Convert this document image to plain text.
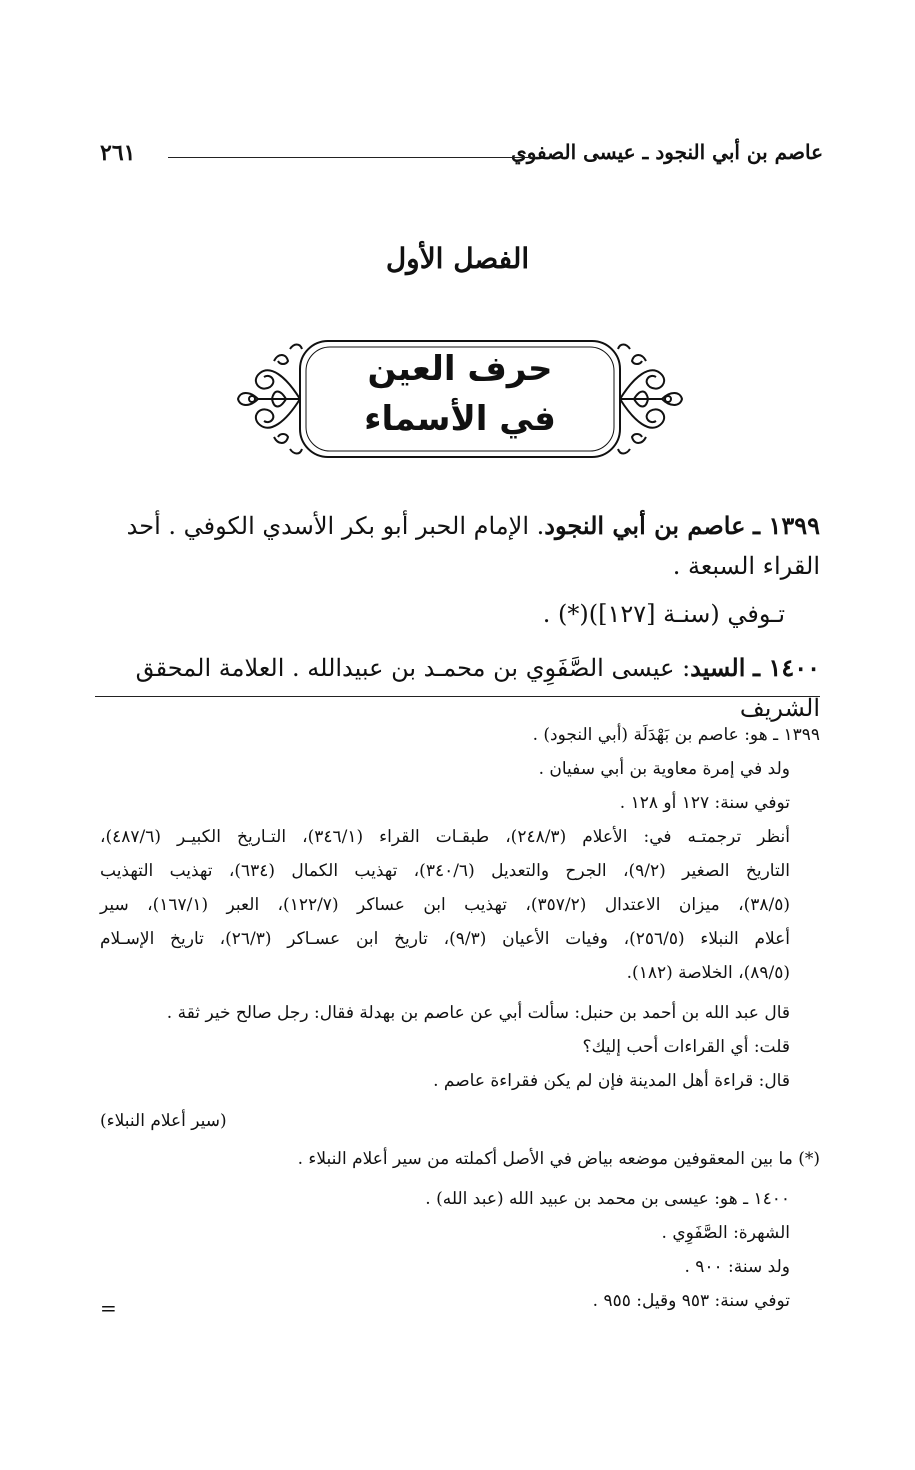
عاصم بن أبي النجود ـ عيسى الصفوي
٢٦١
الفصل الأول
حرف العين
في الأسماء
١٣٩٩ ـ عاصم بن أبي النجود. الإمام الحبر أبو بكر الأسدي الكوفي . أحد القراء السبعة .
تـوفي (سنـة [١٢٧])(*) .
١٤٠٠ ـ السيد: عيسى الصَّفَوِي بن محمـد بن عبيدالله . العلامة المحقق الشريف
١٣٩٩ ـ هو: عاصم بن بَهْدَلَة (أبي النجود) .
ولد في إمرة معاوية بن أبي سفيان .
توفي سنة: ١٢٧ أو ١٢٨ .
أنظر ترجمتـه في: الأعلام (٢٤٨/٣)، طبقـات القراء (٣٤٦/١)، التـاريخ الكبيـر (٤٨٧/٦)،
التاريخ الصغير (٩/٢)، الجرح والتعديل (٣٤٠/٦)، تهذيب الكمال (٦٣٤)، تهذيب التهذيب
(٣٨/٥)، ميزان الاعتدال (٣٥٧/٢)، تهذيب ابن عساكر (١٢٢/٧)، العبر (١٦٧/١)، سير
أعلام النبلاء (٢٥٦/٥)، وفيات الأعيان (٩/٣)، تاريخ ابن عسـاكر (٢٦/٣)، تاريخ الإسـلام
(٨٩/٥)، الخلاصة (١٨٢).
قال عبد الله بن أحمد بن حنبل: سألت أبي عن عاصم بن بهدلة فقال: رجل صالح خير ثقة .
قلت: أي القراءات أحب إليك؟
قال: قراءة أهل المدينة فإن لم يكن فقراءة عاصم .
(سير أعلام النبلاء)
(*) ما بين المعقوفين موضعه بياض في الأصل أكملته من سير أعلام النبلاء .
١٤٠٠ ـ هو: عيسى بن محمد بن عبيد الله (عبد الله) .
الشهرة: الصَّفَوِي .
ولد سنة: ٩٠٠ .
توفي سنة: ٩٥٣ وقيل: ٩٥٥ .
=
